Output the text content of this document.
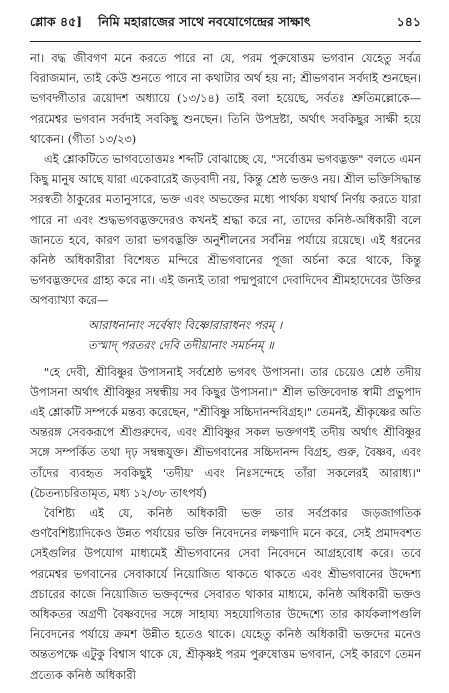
শ্লোক ৪৫] নিমি মহারাজের সাথে নবযোগেন্দ্রের সাক্ষাৎ	১৪১

না। বদ্ধ জীবগণ মনে করতে পারে না যে, পরম পুরুষোত্তম ভগবান যেহেতু সর্বত্র বিরাজমান, তাই কেউ শুনতে পাবে না কথাটার অর্থ হয় না; শ্রীভগবান সর্বদাই শুনছেন। ভগবদ্গীতার ত্রয়োদশ অধ্যায়ে (১৩/১৪) তাই বলা হয়েছে, সর্বতঃ শ্রুতিমল্লোকে—পরমেশ্বর ভগবান সর্বদাই সবকিছু শুনছেন। তিনি উপদ্রষ্টা, অর্থাৎ সবকিছুর সাক্ষী হয়ে থাকেন। (গীতা ১৩/২৩)

এই শ্লোকটিতে ভাগবতোত্তমঃ শব্দটি বোঝাচ্ছে যে, "সর্বোত্তম ভগবদ্ভক্ত" বলতে এমন কিছু মানুষ আছে যারা একেবারেই জড়বাদী নয়, কিন্তু শ্রেষ্ঠ ভক্তও নয়। শ্রীল ভক্তিসিদ্ধান্ত সরস্বতী ঠাকুরের মতানুসারে, ভক্ত এবং অভক্তের মধ্যে পার্থক্য যথার্থ নির্ণয় করতে যারা পারে না এবং শুদ্ধভগবদ্ভক্তদেরও কখনই শ্রদ্ধা করে না, তাদের কনিষ্ঠ-অধিকারী বলে জানতে হবে, কারণ তারা ভগবদ্ভক্তি অনুশীলনের সর্বনিম্ন পর্যায়ে রয়েছে। এই ধরনের কনিষ্ঠ অধিকারীরা বিশেষত মন্দিরে শ্রীভগবানের পূজা অর্চনা করে থাকে, কিন্তু ভগবদ্ভক্তদের গ্রাহ্য করে না। এই জন্যই তারা পদ্মপুরাণে দেবাদিদেব শ্রীমহাদেবের উক্তির অপব্যাখ্যা করে—

আরাধনানাং সর্বেষাং বিষ্ণোরারাধনং পরম্ ।
তস্মাদ্ পরতরং দেবি তদীয়ানাং সমর্চনম্ ॥

"হে দেবী, শ্রীবিষ্ণুর উপাসনাই সর্বশ্রেষ্ঠ ভগবৎ উপাসনা। তার চেয়েও শ্রেষ্ঠ তদীয় উপাসনা অর্থাৎ শ্রীবিষ্ণুর সম্বন্ধীয় সব কিছুর উপাসনা।" শ্রীল ভক্তিবেদান্ত স্বামী প্রভুপাদ এই শ্লোকটি সম্পর্কে মন্তব্য করেছেন, "শ্রীবিষ্ণু সচ্চিদানন্দবিগ্রহ।" তেমনই, শ্রীকৃষ্ণের অতি অন্তরঙ্গ সেবকরূপে শ্রীগুরুদেব, এবং শ্রীবিষ্ণুর সকল ভক্তগণই তদীয় অর্থাৎ শ্রীবিষ্ণুর সঙ্গে সম্পর্কিত তথা দৃঢ় সম্বন্ধযুক্ত। শ্রীভগবানের সচ্চিদানন্দ বিগ্রহ, গুরু, বৈষ্ণব, এবং তাঁদের ব্যবহৃত সবকিছুই 'তদীয়' এবং নিঃসন্দেহে তাঁরা সকলেরই আরাধ্য।" (চৈতন্যচরিতামৃত, মধ্য ১২/৩৮ তাৎপর্য)

বৈশিষ্ট্য এই যে, কনিষ্ঠ অধিকারী ভক্ত তার সর্বপ্রকার জড়জাগতিক গুণবৈশিষ্ট্যাদিকেও উন্নত পর্যায়ের ভক্তি নিবেদনের লক্ষণাদি মনে করে, সেই প্রমাদবশত সেইগুলির উপযোগ মাধ্যমেই শ্রীভগবানের সেবা নিবেদনে আগ্রহবোধ করে। তবে পরমেশ্বর ভগবানের সেবাকার্যে নিয়োজিত থাকতে থাকতে এবং শ্রীভগবানের উদ্দেশ্য প্রচারের কাজে নিয়োজিত ভক্তবৃন্দের সেবারত থাকার মাধ্যমে, কনিষ্ঠ অধিকারী ভক্তও অধিকতর অগ্রণী বৈষ্ণবদের সঙ্গে সাহায্য সহযোগিতার উদ্দেশ্যে তার কার্যকলাপগুলি নিবেদনের পর্যায়ে ক্রমশ উন্নীত হতেও থাকে। যেহেতু কনিষ্ঠ অধিকারী ভক্তদের মনেও অন্ততপক্ষে এটুকু বিশ্বাস থাকে যে, শ্রীকৃষ্ণই পরম পুরুষোত্তম ভগবান, সেই কারণে তেমন প্রত্যেক কনিষ্ঠ অধিকারী
